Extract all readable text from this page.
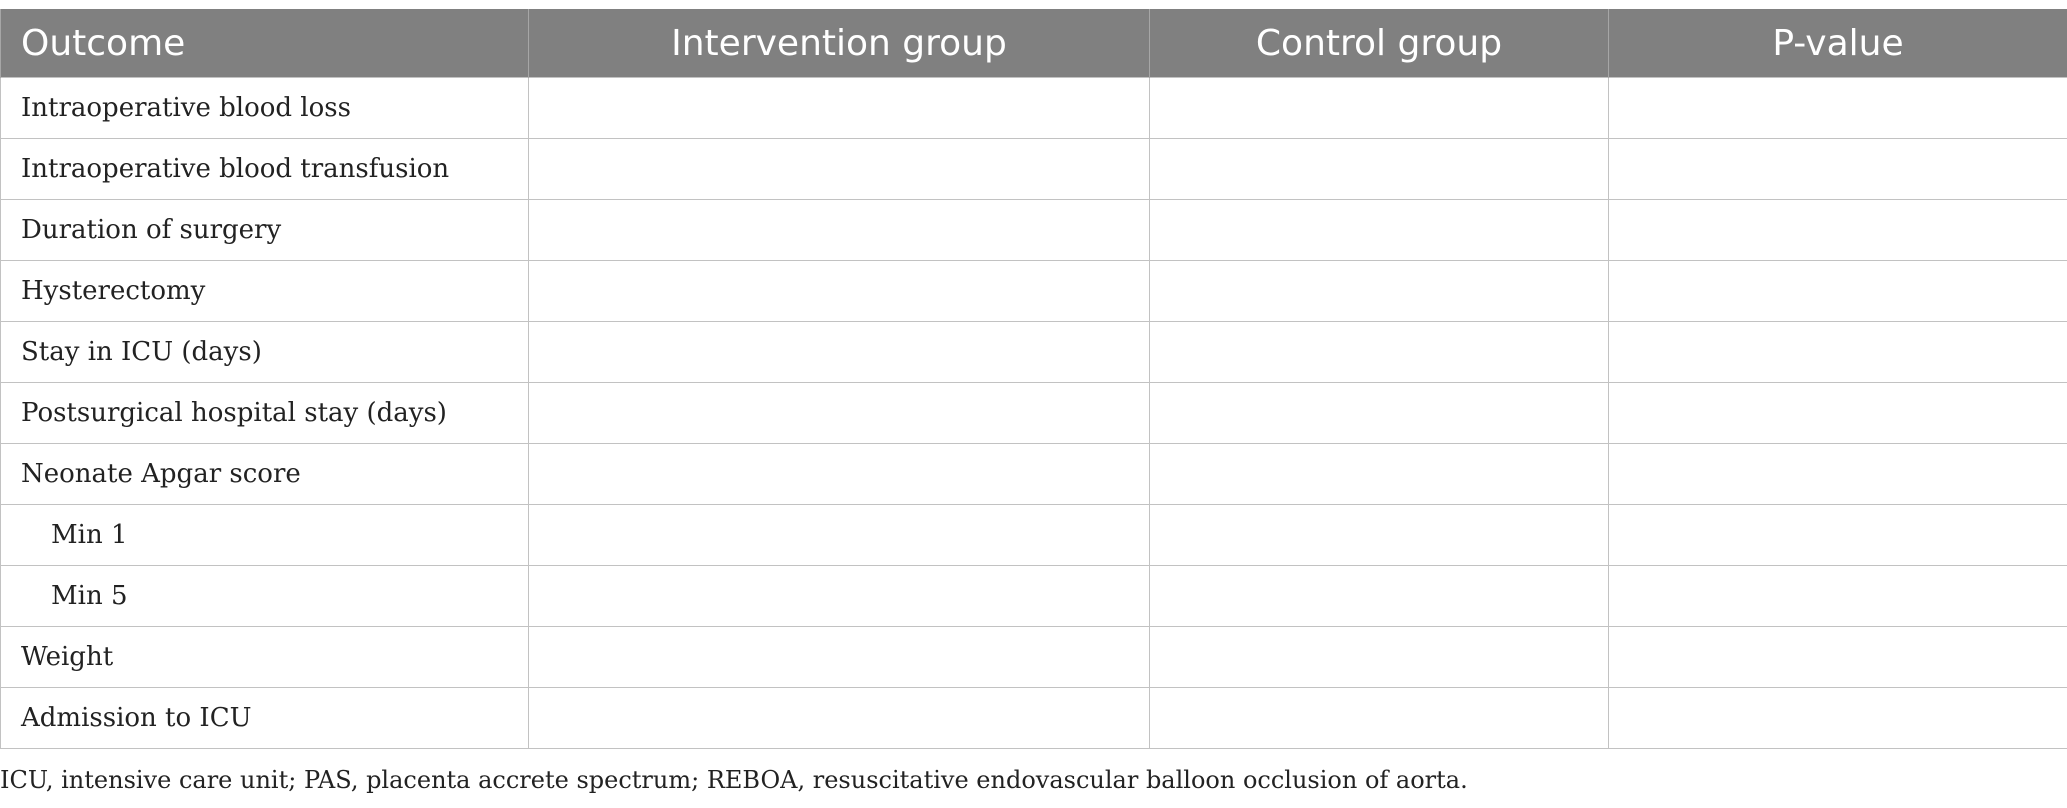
Outcome	Intervention group	Control group	P-value
Intraoperative blood loss			
Intraoperative blood transfusion			
Duration of surgery			
Hysterectomy			
Stay in ICU (days)			
Postsurgical hospital stay (days)			
Neonate Apgar score			
Min 1			
Min 5			
Weight			
Admission to ICU			
ICU, intensive care unit; PAS, placenta accrete spectrum; REBOA, resuscitative endovascular balloon occlusion of aorta.
